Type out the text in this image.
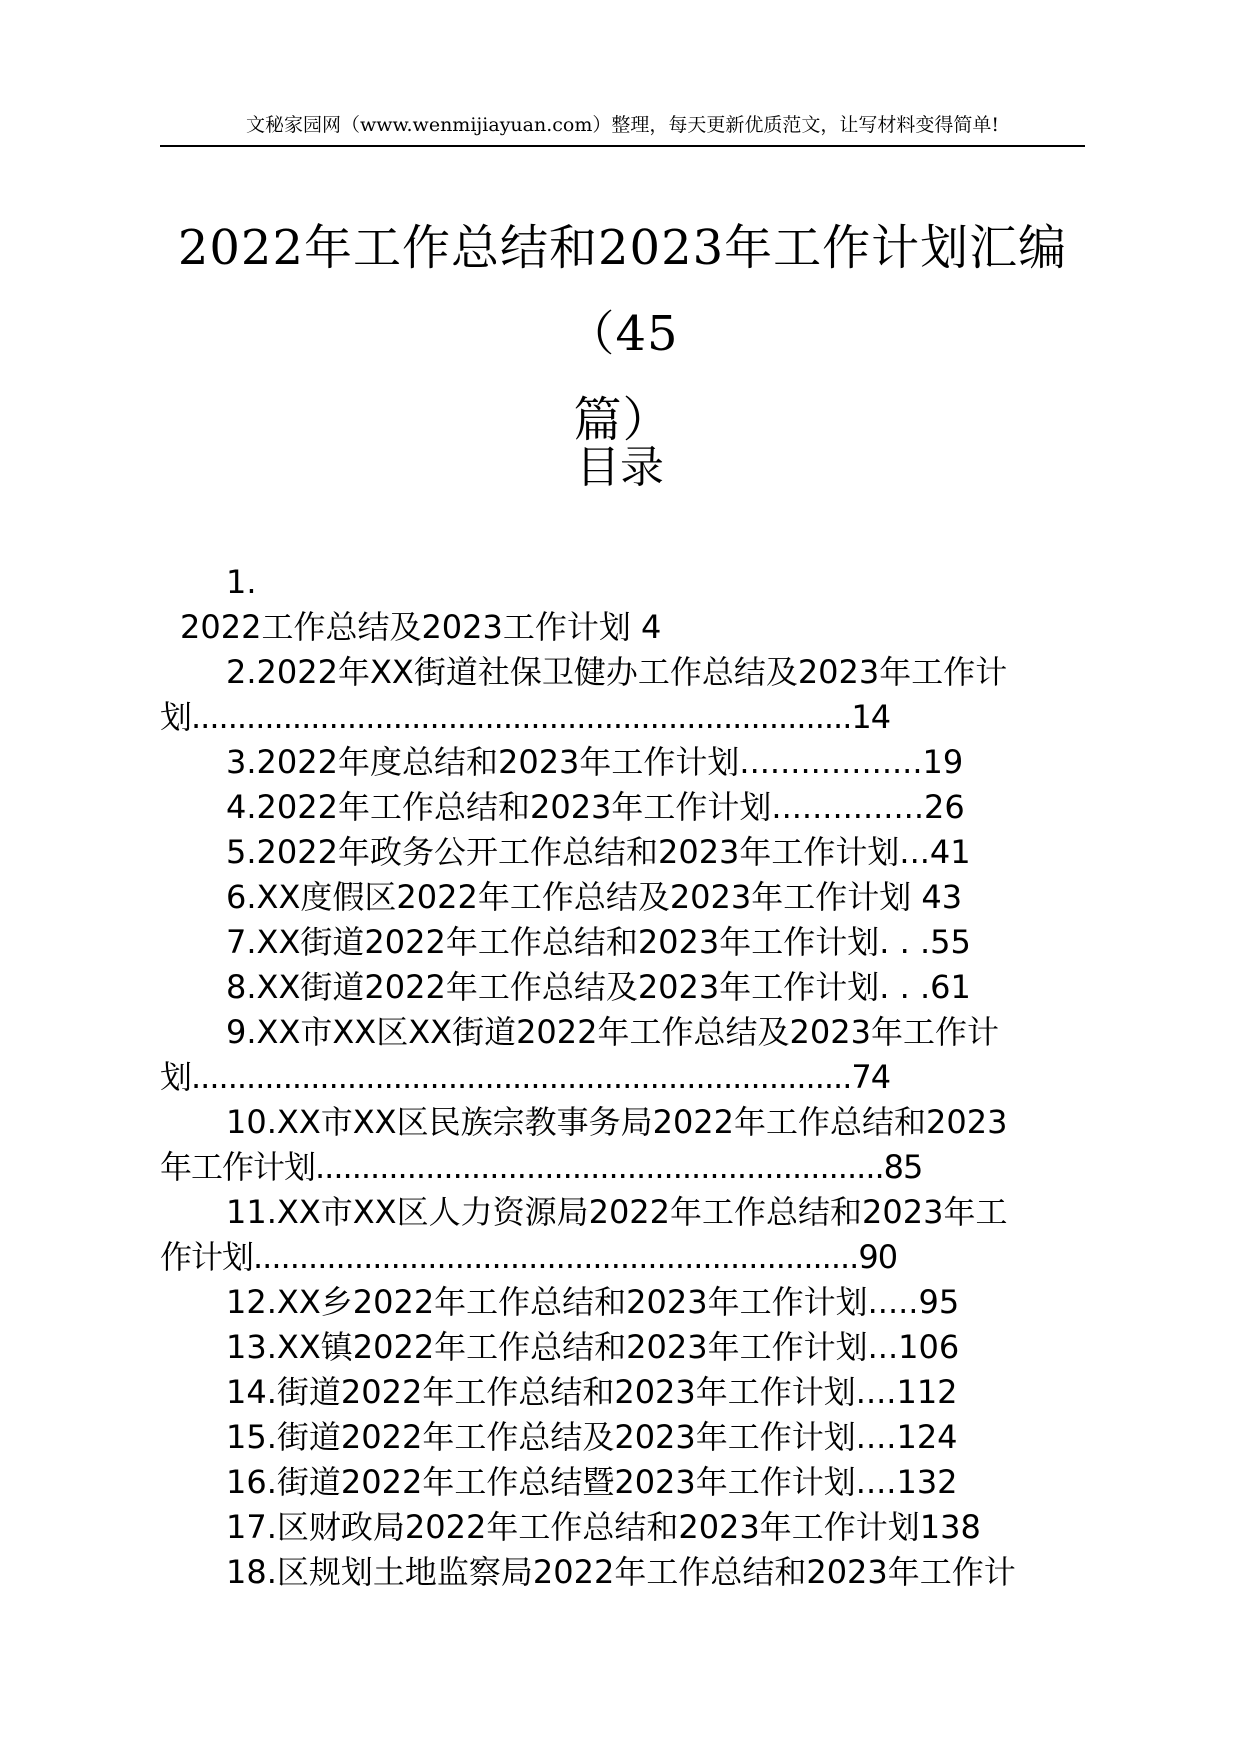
文秘家园网（www.wenmijiayuan.com）整理，每天更新优质范文，让写材料变得简单!
2022年工作总结和2023年工作计划汇编（45
篇）
目录
1.
2022工作总结及2023工作计划 4
2.2022年XX街道社保卫健办工作总结及2023年工作计
划........................................................................14
3.2022年度总结和2023年工作计划..................19
4.2022年工作总结和2023年工作计划...............26
5.2022年政务公开工作总结和2023年工作计划...41
6.XX度假区2022年工作总结及2023年工作计划 43
7.XX街道2022年工作总结和2023年工作计划. . .55
8.XX街道2022年工作总结及2023年工作计划. . .61
9.XX市XX区XX街道2022年工作总结及2023年工作计
划........................................................................74
10.XX市XX区民族宗教事务局2022年工作总结和2023
年工作计划..............................................................85
11.XX市XX区人力资源局2022年工作总结和2023年工
作计划..................................................................90
12.XX乡2022年工作总结和2023年工作计划.....95
13.XX镇2022年工作总结和2023年工作计划...106
14.街道2022年工作总结和2023年工作计划....112
15.街道2022年工作总结及2023年工作计划....124
16.街道2022年工作总结暨2023年工作计划....132
17.区财政局2022年工作总结和2023年工作计划138
18.区规划土地监察局2022年工作总结和2023年工作计
